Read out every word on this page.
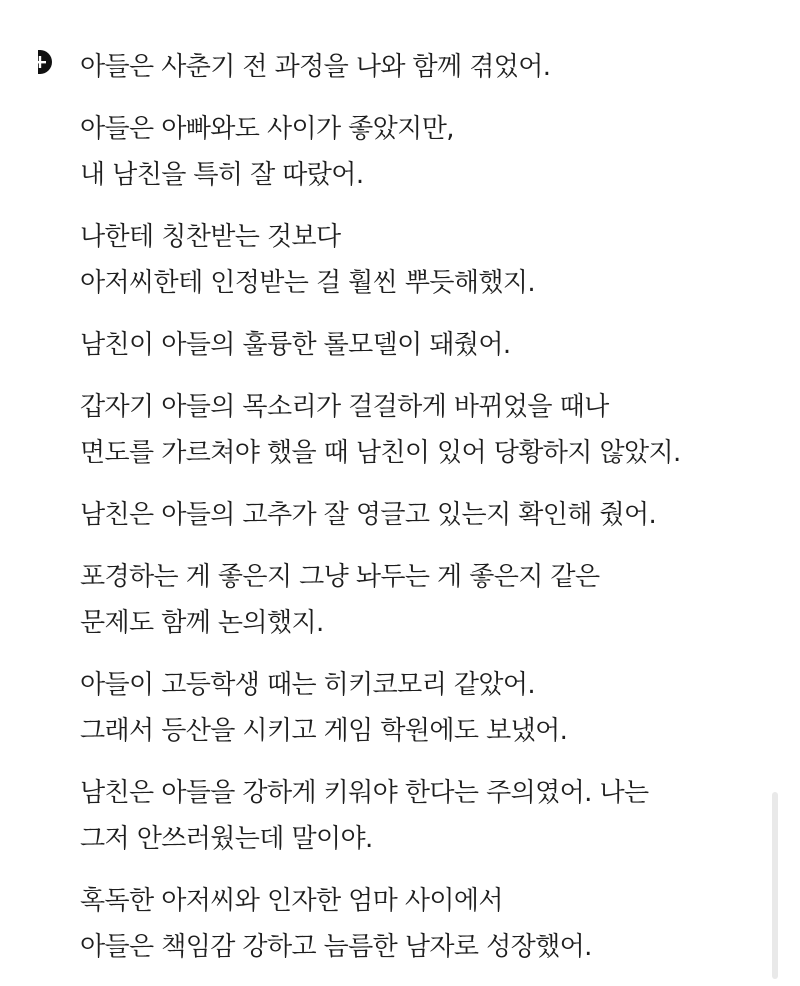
아들은 사춘기 전 과정을 나와 함께 겪었어.
아들은 아빠와도 사이가 좋았지만,
내 남친을 특히 잘 따랐어.
나한테 칭찬받는 것보다
아저씨한테 인정받는 걸 훨씬 뿌듯해했지.
남친이 아들의 훌륭한 롤모델이 돼줬어.
갑자기 아들의 목소리가 걸걸하게 바뀌었을 때나
면도를 가르쳐야 했을 때 남친이 있어 당황하지 않았지.
남친은 아들의 고추가 잘 영글고 있는지 확인해 줬어.
포경하는 게 좋은지 그냥 놔두는 게 좋은지 같은
문제도 함께 논의했지.
아들이 고등학생 때는 히키코모리 같았어.
그래서 등산을 시키고 게임 학원에도 보냈어.
남친은 아들을 강하게 키워야 한다는 주의였어. 나는
그저 안쓰러웠는데 말이야.
혹독한 아저씨와 인자한 엄마 사이에서
아들은 책임감 강하고 늠름한 남자로 성장했어.
